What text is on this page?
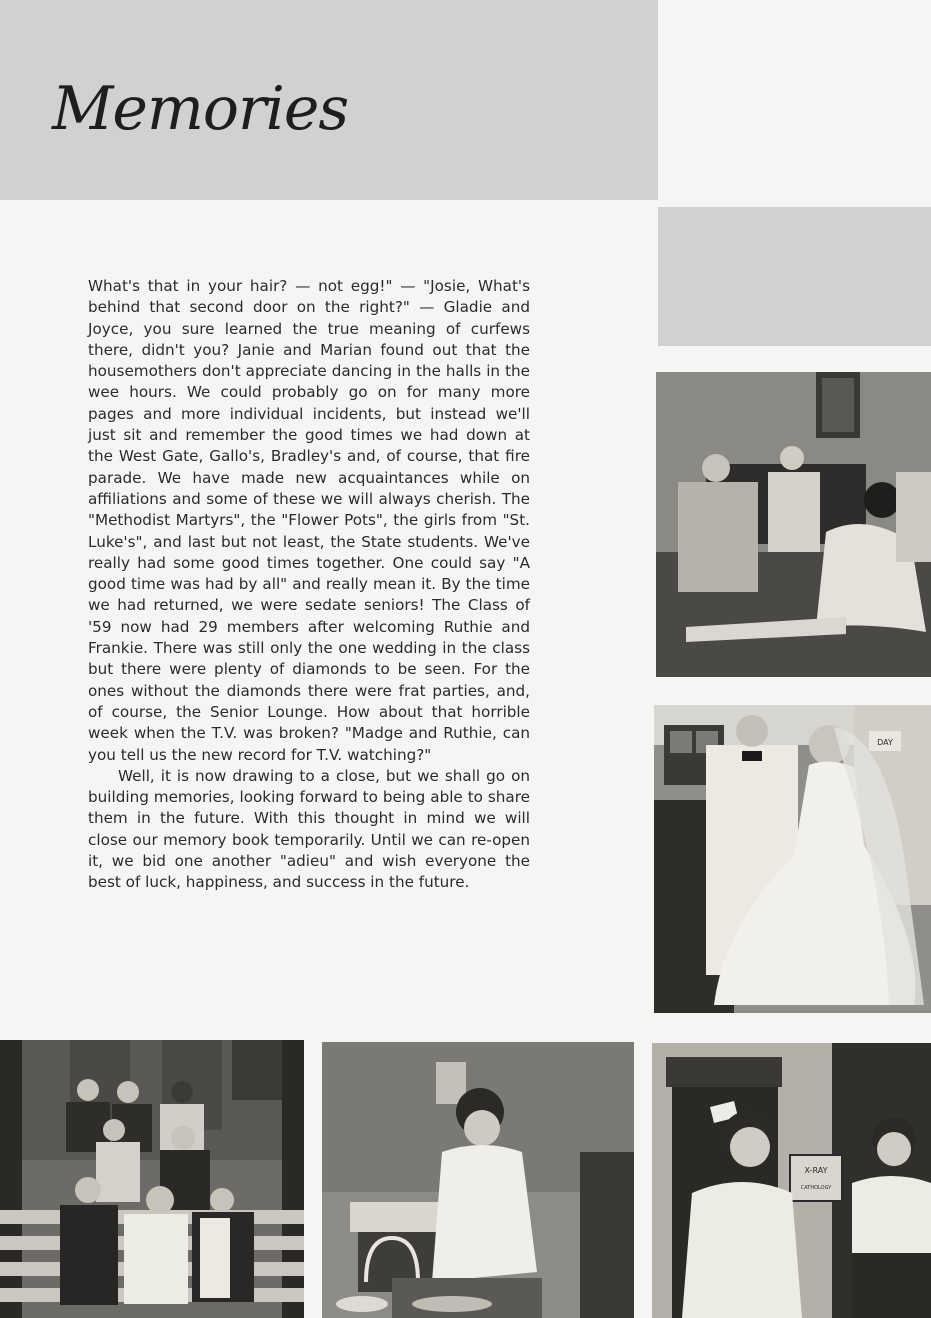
Memories

What's that in your hair? — not egg!" — "Josie, What's behind that second door on the right?" — Gladie and Joyce, you sure learned the true meaning of curfews there, didn't you? Janie and Marian found out that the housemothers don't appreciate dancing in the halls in the wee hours. We could probably go on for many more pages and more individual incidents, but instead we'll just sit and remember the good times we had down at the West Gate, Gallo's, Bradley's and, of course, that fire parade. We have made new acquaintances while on affiliations and some of these we will always cherish. The "Methodist Martyrs", the "Flower Pots", the girls from "St. Luke's", and last but not least, the State students. We've really had some good times together. One could say "A good time was had by all" and really mean it. By the time we had returned, we were sedate seniors! The Class of '59 now had 29 members after welcoming Ruthie and Frankie. There was still only the one wedding in the class but there were plenty of diamonds to be seen. For the ones without the diamonds there were frat parties, and, of course, the Senior Lounge. How about that horrible week when the T.V. was broken? "Madge and Ruthie, can you tell us the new record for T.V. watching?"

Well, it is now drawing to a close, but we shall go on building memories, looking forward to being able to share them in the future. With this thought in mind we will close our memory book temporarily. Until we can re-open it, we bid one another "adieu" and wish everyone the best of luck, happiness, and success in the future.

DAY
X-RAY
CATHOLOGY
